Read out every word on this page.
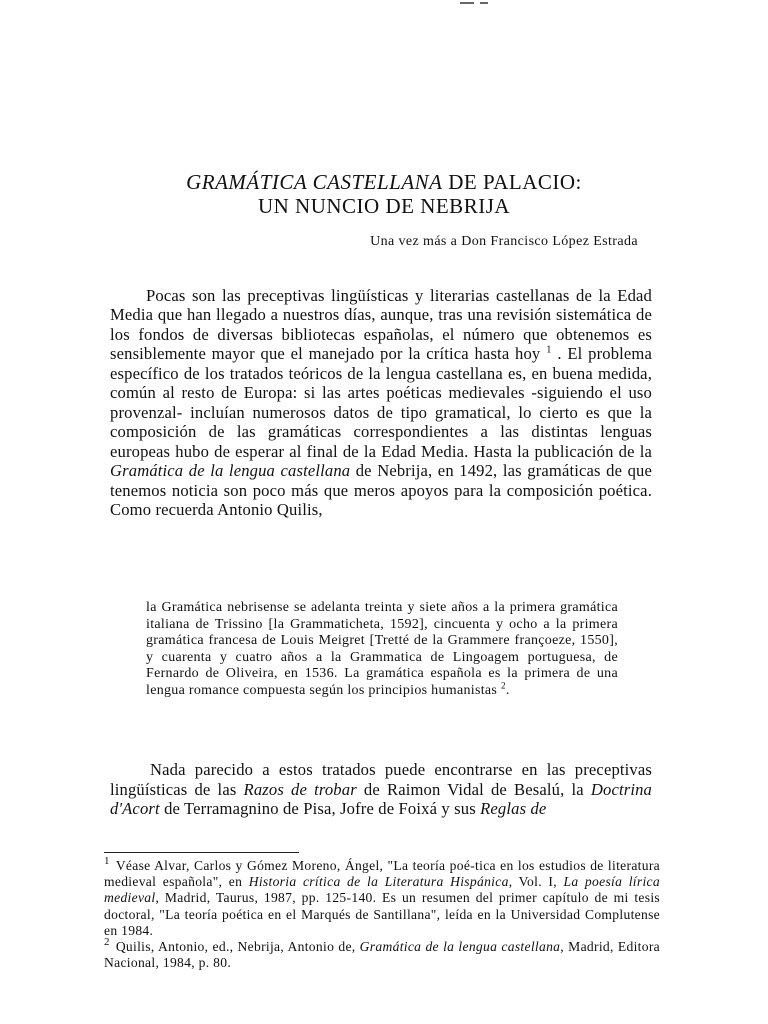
GRAMÁTICA CASTELLANA DE PALACIO:
UN NUNCIO DE NEBRIJA
Una vez más a Don Francisco López Estrada
Pocas son las preceptivas lingüísticas y literarias castellanas de la Edad Media que han llegado a nuestros días, aunque, tras una revisión sistemática de los fondos de diversas bibliotecas españolas, el número que obtenemos es sensiblemente mayor que el manejado por la crítica hasta hoy $^1$ . El problema específico de los tratados teóricos de la lengua castellana es, en buena medida, común al resto de Europa: si las artes poéticas medievales -siguiendo el uso provenzal- incluían numerosos datos de tipo gramatical, lo cierto es que la composición de las gramáticas correspondientes a las distintas lenguas europeas hubo de esperar al final de la Edad Media. Hasta la publicación de la Gramática de la lengua castellana de Nebrija, en 1492, las gramáticas de que tenemos noticia son poco más que meros apoyos para la composición poética. Como recuerda Antonio Quilis,
la Gramática nebrisense se adelanta treinta y siete años a la primera gramática italiana de Trissino [la Grammaticheta, 1592], cincuenta y ocho a la primera gramática francesa de Louis Meigret [Tretté de la Grammere françoeze, 1550], y cuarenta y cuatro años a la Grammatica de Lingoagem portuguesa, de Fernardo de Oliveira, en 1536. La gramática española es la primera de una lengua romance compuesta según los principios humanistas $^2$.
Nada parecido a estos tratados puede encontrarse en las preceptivas lingüísticas de las Razos de trobar de Raimon Vidal de Besalú, la Doctrina d'Acort de Terramagnino de Pisa, Jofre de Foixá y sus Reglas de
$^1$ Véase Alvar, Carlos y Gómez Moreno, Ángel, "La teoría poé-tica en los estudios de literatura medieval española", en Historia crítica de la Literatura Hispánica, Vol. I, La poesía lírica medieval, Madrid, Taurus, 1987, pp. 125-140. Es un resumen del primer capítulo de mi tesis doctoral, "La teoría poética en el Marqués de Santillana", leída en la Universidad Complutense en 1984.
$^2$ Quilis, Antonio, ed., Nebrija, Antonio de, Gramática de la lengua castellana, Madrid, Editora Nacional, 1984, p. 80.
